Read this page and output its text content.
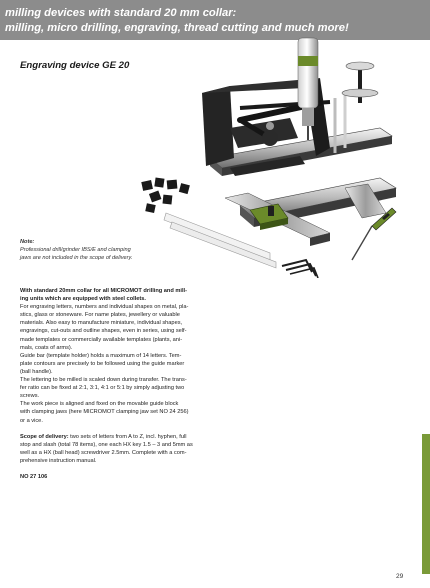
milling devices with standard 20 mm collar:
milling, micro drilling, engraving, thread cutting and much more!
Engraving device GE 20
Note:
Professional drill/grinder IBS/E and clamping
jaws are not included in the scope of delivery.

With standard 20mm collar for all MICROMOT drilling and mill-

ing units which are equipped with steel collets.

For engraving letters, numbers and individual shapes on metal, pla-

stics, glass or stoneware. For name plates, jewellery or valuable

materials. Also easy to manufacture miniature, individual shapes,

engravings, cut-outs and outline shapes, even in series, using self-

made templates or commercially available templates (plants, ani-

mals, coats of arms).

Guide bar (template holder) holds a maximum of 14 letters. Tem-

plate contours are precisely to be followed using the guide marker

(ball handle).

The lettering to be milled is scaled down during transfer. The trans-

fer ratio can be fixed at 2:1, 3:1, 4:1 or 5:1 by simply adjusting two

screws.

The work piece is aligned and fixed on the movable guide block

with clamping jaws (here MICROMOT clamping jaw set NO 24 256)

or a vice.

Scope of delivery: two sets of letters from A to Z, incl. hyphen, full

stop and slash (total 78 items), one each HX key 1.5 – 3 and 5mm as

well as a HX (ball head) screwdriver 2.5mm. Complete with a com-

prehensive instruction manual.

NO 27 106

29
